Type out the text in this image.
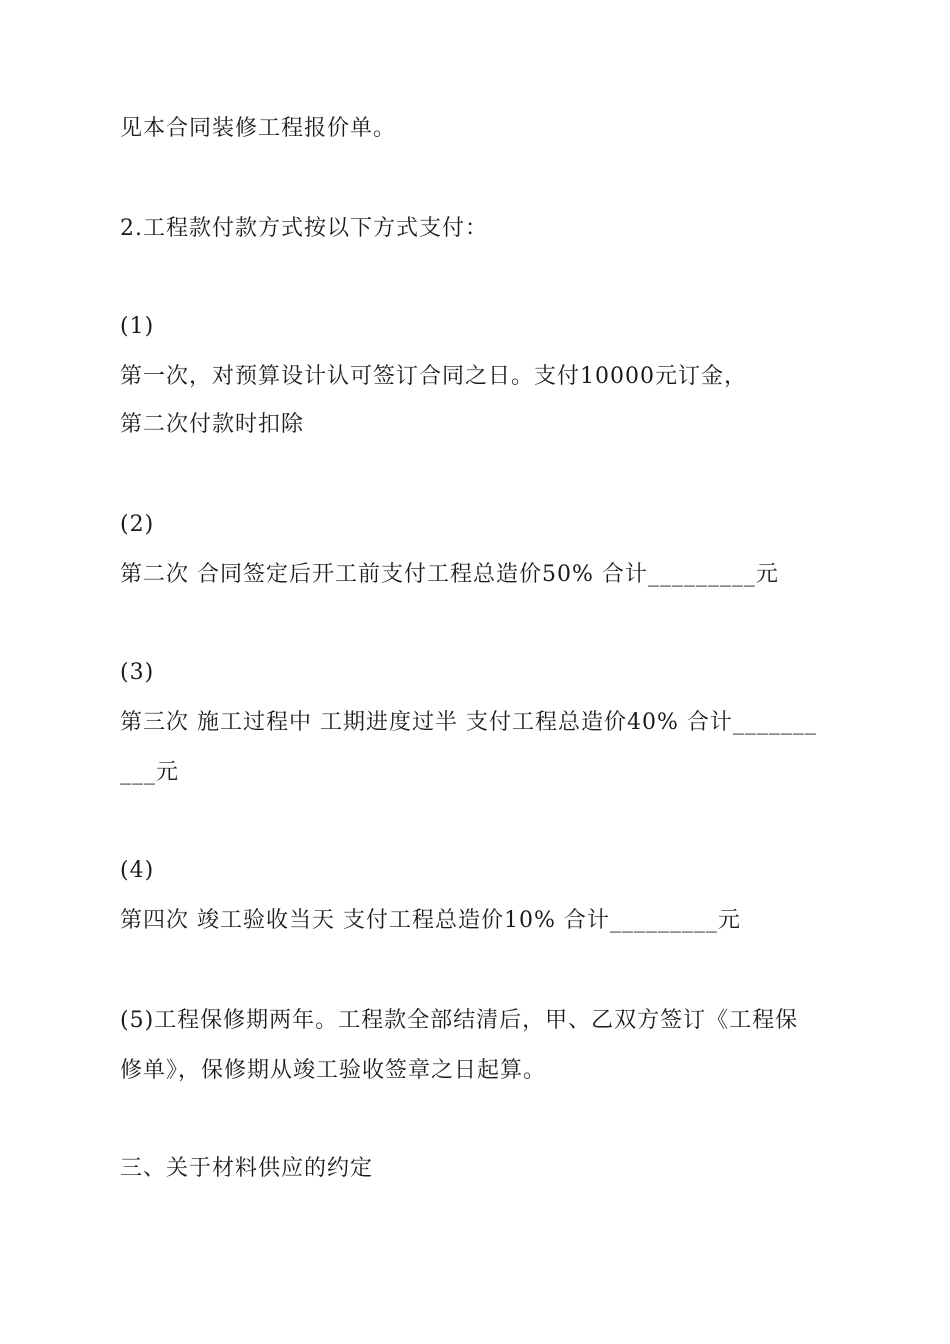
见本合同装修工程报价单。
2.工程款付款方式按以下方式支付：
(1)
第一次，对预算设计认可签订合同之日。支付10000元订金，
第二次付款时扣除
(2)
第二次 合同签定后开工前支付工程总造价50% 合计_________元
(3)
第三次 施工过程中 工期进度过半 支付工程总造价40% 合计_______
___元
(4)
第四次 竣工验收当天 支付工程总造价10% 合计_________元
(5)工程保修期两年。工程款全部结清后，甲、乙双方签订《工程保
修单》，保修期从竣工验收签章之日起算。
三、关于材料供应的约定
